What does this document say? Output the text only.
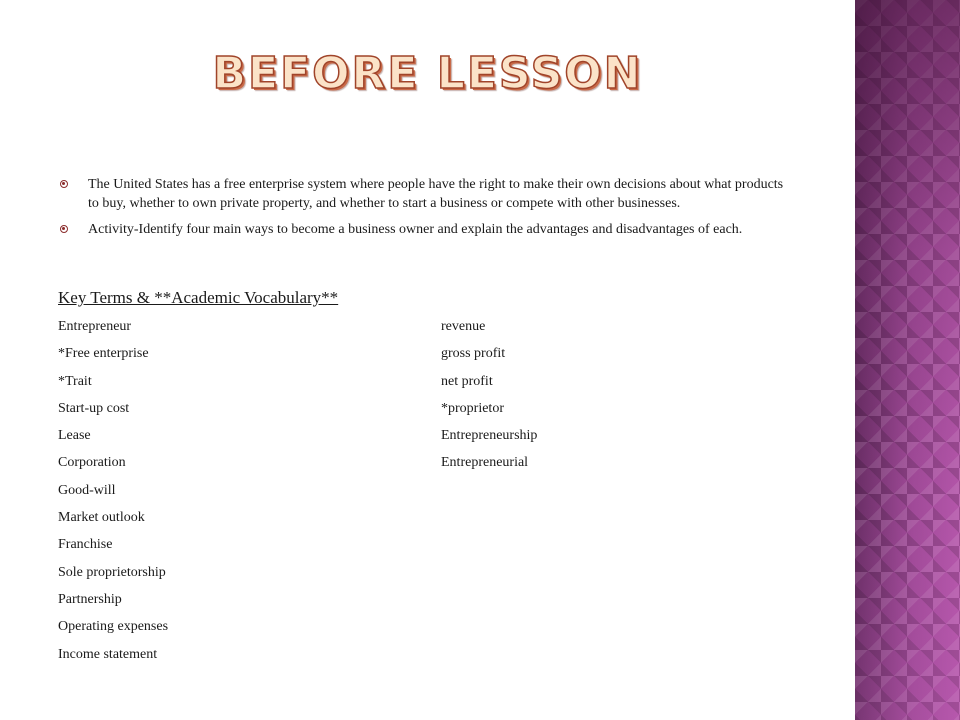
BEFORE LESSON
The United States has a free enterprise system where people have the right to make their own decisions about what products to buy, whether to own private property, and whether to start a business or compete with other businesses.
Activity-Identify four main ways to become a business owner and explain the advantages and disadvantages of each.
Key Terms & **Academic Vocabulary**
Entrepreneur
*Free enterprise
*Trait
Start-up cost
Lease
Corporation
Good-will
Market outlook
Franchise
Sole proprietorship
Partnership
Operating expenses
Income statement
revenue
gross profit
net profit
*proprietor
Entrepreneurship
Entrepreneurial
